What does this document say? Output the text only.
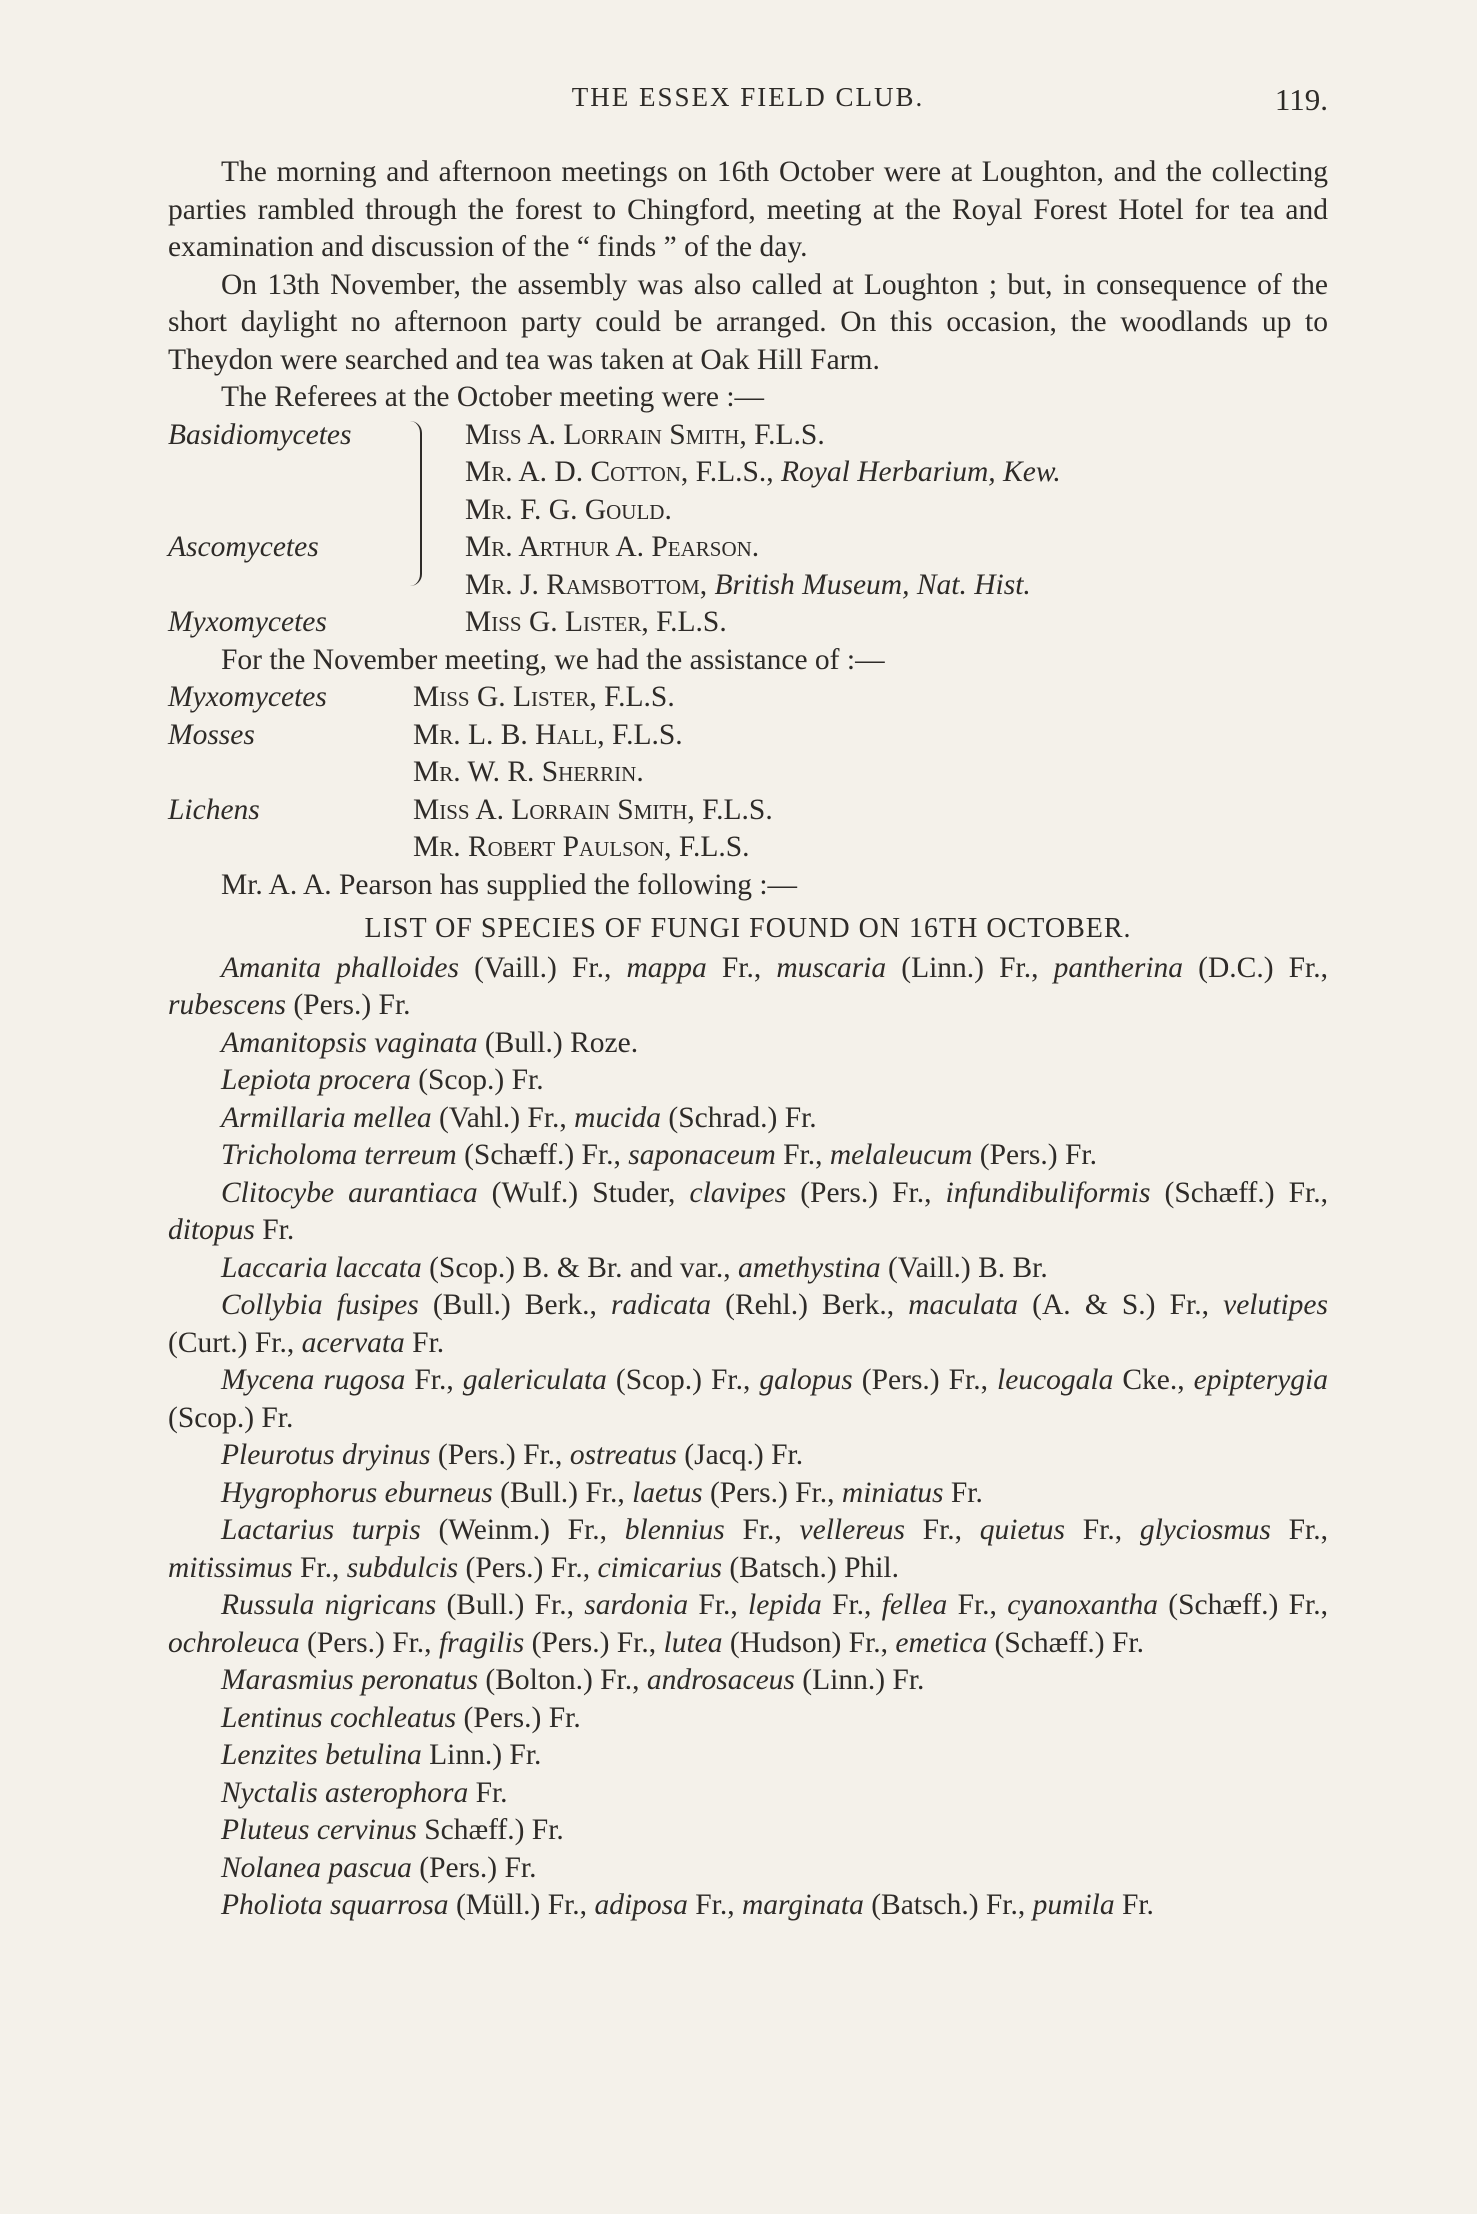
THE ESSEX FIELD CLUB.	119.

The morning and afternoon meetings on 16th October were at Loughton, and the collecting parties rambled through the forest to Chingford, meeting at the Royal Forest Hotel for tea and examination and discussion of the “ finds ” of the day.

On 13th November, the assembly was also called at Loughton ; but, in consequence of the short daylight no afternoon party could be arranged. On this occasion, the woodlands up to Theydon were searched and tea was taken at Oak Hill Farm.

The Referees at the October meeting were :—

Basidiomycetes	Miss A. Lorrain Smith, F.L.S.
Mr. A. D. Cotton, F.L.S., Royal Herbarium, Kew.
Mr. F. G. Gould.
Ascomycetes	Mr. Arthur A. Pearson.
Mr. J. Ramsbottom, British Museum, Nat. Hist.
Myxomycetes	Miss G. Lister, F.L.S.

For the November meeting, we had the assistance of :—

Myxomycetes	Miss G. Lister, F.L.S.
Mosses	Mr. L. B. Hall, F.L.S.
Mr. W. R. Sherrin.
Lichens	Miss A. Lorrain Smith, F.L.S.
Mr. Robert Paulson, F.L.S.

Mr. A. A. Pearson has supplied the following :—

LIST OF SPECIES OF FUNGI FOUND ON 16TH OCTOBER.

Amanita phalloides (Vaill.) Fr., mappa Fr., muscaria (Linn.) Fr., pantherina (D.C.) Fr., rubescens (Pers.) Fr.

Amanitopsis vaginata (Bull.) Roze.

Lepiota procera (Scop.) Fr.

Armillaria mellea (Vahl.) Fr., mucida (Schrad.) Fr.

Tricholoma terreum (Schæff.) Fr., saponaceum Fr., melaleucum (Pers.) Fr.

Clitocybe aurantiaca (Wulf.) Studer, clavipes (Pers.) Fr., infundibuliformis (Schæff.) Fr., ditopus Fr.

Laccaria laccata (Scop.) B. & Br. and var., amethystina (Vaill.) B. Br.

Collybia fusipes (Bull.) Berk., radicata (Rehl.) Berk., maculata (A. & S.) Fr., velutipes (Curt.) Fr., acervata Fr.

Mycena rugosa Fr., galericulata (Scop.) Fr., galopus (Pers.) Fr., leucogala Cke., epipterygia (Scop.) Fr.

Pleurotus dryinus (Pers.) Fr., ostreatus (Jacq.) Fr.

Hygrophorus eburneus (Bull.) Fr., laetus (Pers.) Fr., miniatus Fr.

Lactarius turpis (Weinm.) Fr., blennius Fr., vellereus Fr., quietus Fr., glyciosmus Fr., mitissimus Fr., subdulcis (Pers.) Fr., cimicarius (Batsch.) Phil.

Russula nigricans (Bull.) Fr., sardonia Fr., lepida Fr., fellea Fr., cyanoxantha (Schæff.) Fr., ochroleuca (Pers.) Fr., fragilis (Pers.) Fr., lutea (Hudson) Fr., emetica (Schæff.) Fr.

Marasmius peronatus (Bolton.) Fr., androsaceus (Linn.) Fr.

Lentinus cochleatus (Pers.) Fr.

Lenzites betulina Linn.) Fr.

Nyctalis asterophora Fr.

Pluteus cervinus Schæff.) Fr.

Nolanea pascua (Pers.) Fr.

Pholiota squarrosa (Müll.) Fr., adiposa Fr., marginata (Batsch.) Fr., pumila Fr.
